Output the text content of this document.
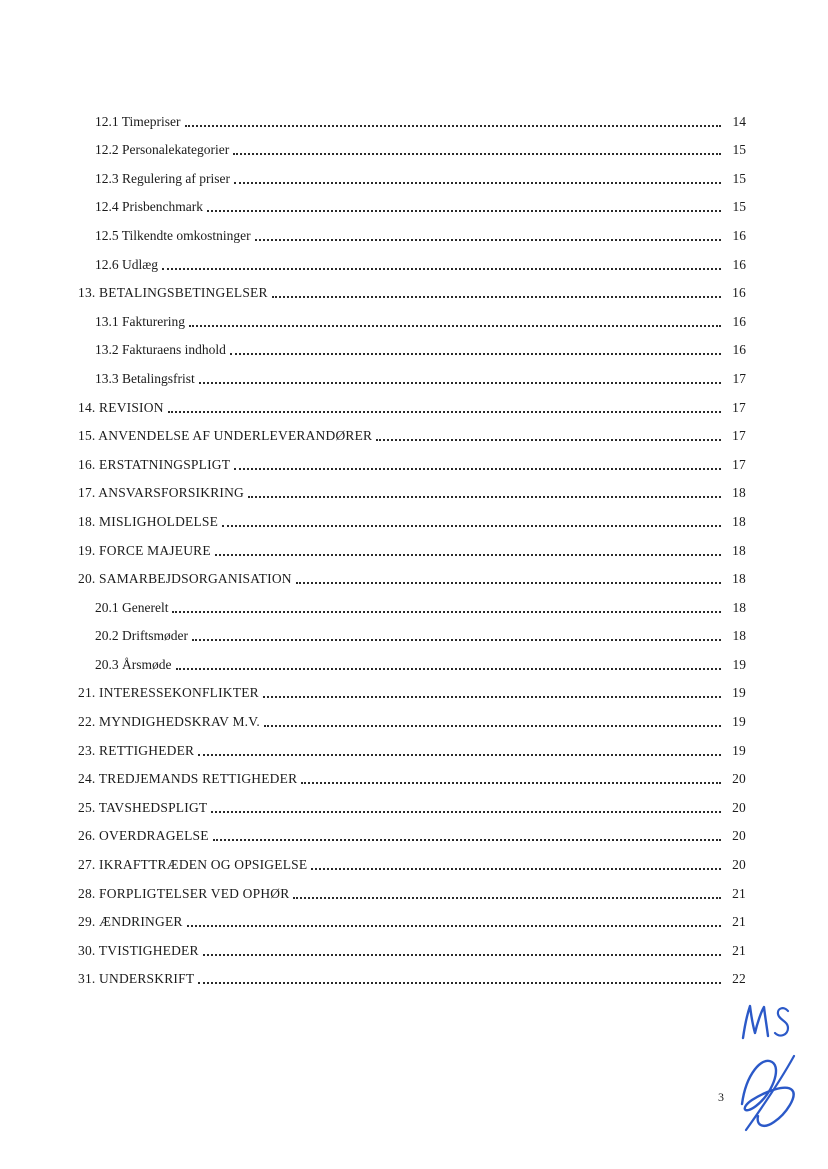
12.1 Timepriser	14
12.2 Personalekategorier	15
12.3 Regulering af priser	15
12.4 Prisbenchmark	15
12.5 Tilkendte omkostninger	16
12.6 Udlæg	16
13. BETALINGSBETINGELSER	16
13.1 Fakturering	16
13.2 Fakturaens indhold	16
13.3 Betalingsfrist	17
14. REVISION	17
15. ANVENDELSE AF UNDERLEVERANDØRER	17
16. ERSTATNINGSPLIGT	17
17. ANSVARSFORSIKRING	18
18. MISLIGHOLDELSE	18
19. FORCE MAJEURE	18
20. SAMARBEJDSORGANISATION	18
20.1 Generelt	18
20.2 Driftsmøder	18
20.3 Årsmøde	19
21. INTERESSEKONFLIKTER	19
22. MYNDIGHEDSKRAV M.V.	19
23. RETTIGHEDER	19
24. TREDJEMANDS RETTIGHEDER	20
25. TAVSHEDSPLIGT	20
26. OVERDRAGELSE	20
27. IKRAFTTRÆDEN OG OPSIGELSE	20
28. FORPLIGTELSER VED OPHØR	21
29. ÆNDRINGER	21
30. TVISTIGHEDER	21
31. UNDERSKRIFT	22
3
